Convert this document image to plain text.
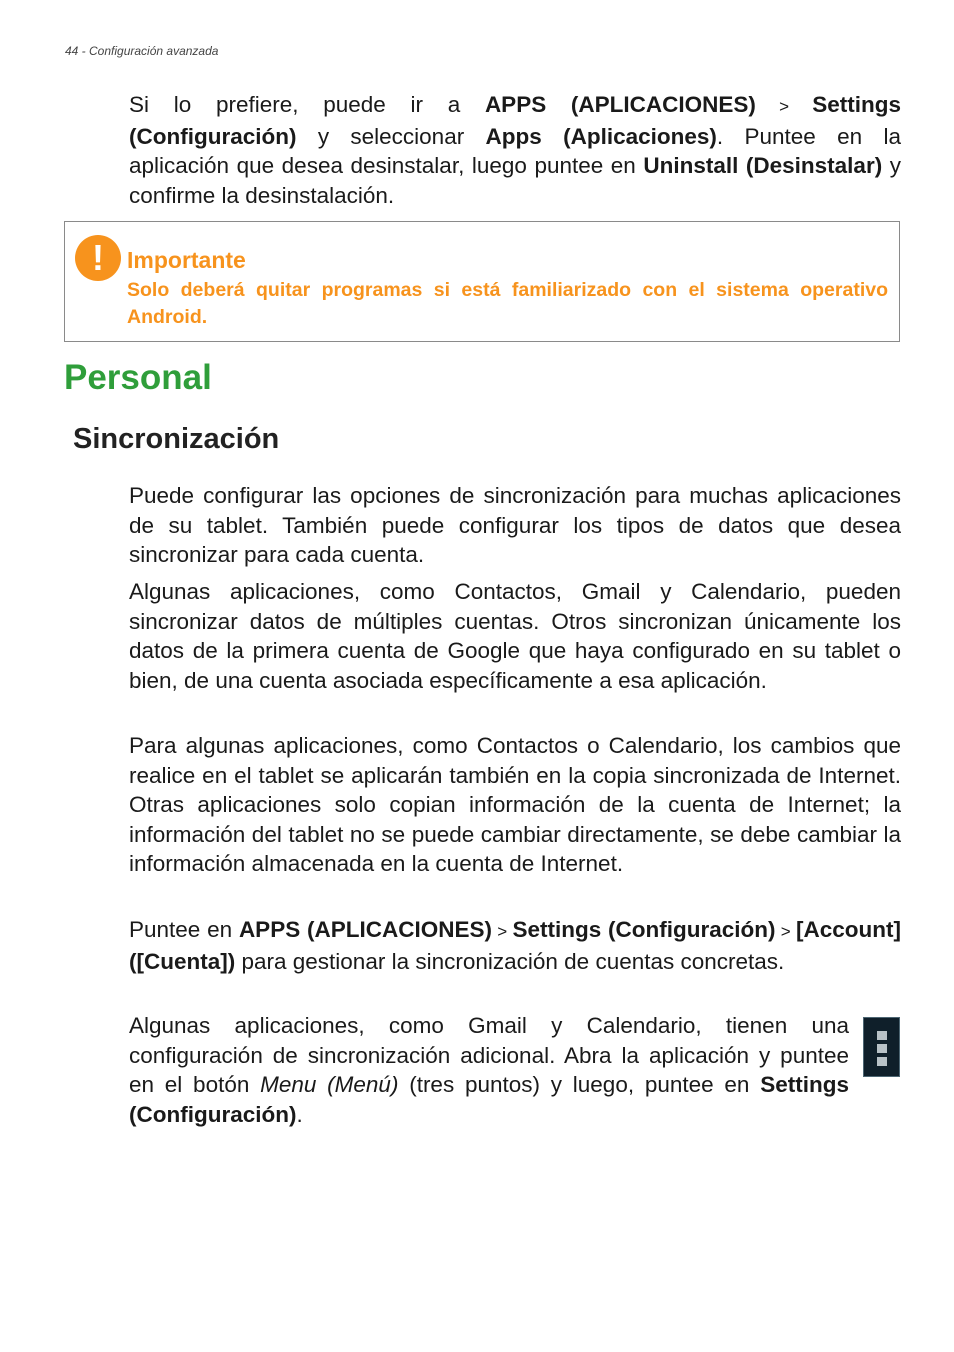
44 - Configuración avanzada
Si lo prefiere, puede ir a APPS (APLICACIONES) > Settings (Configuración) y seleccionar Apps (Aplicaciones). Puntee en la aplicación que desea desinstalar, luego puntee en Uninstall (Desinstalar) y confirme la desinstalación.
!	Importante
Solo deberá quitar programas si está familiarizado con el sistema operativo Android.
Personal
Sincronización
Puede configurar las opciones de sincronización para muchas aplicaciones de su tablet. También puede configurar los tipos de datos que desea sincronizar para cada cuenta.
Algunas aplicaciones, como Contactos, Gmail y Calendario, pueden sincronizar datos de múltiples cuentas. Otros sincronizan únicamente los datos de la primera cuenta de Google que haya configurado en su tablet o bien, de una cuenta asociada específicamente a esa aplicación.
Para algunas aplicaciones, como Contactos o Calendario, los cambios que realice en el tablet se aplicarán también en la copia sincronizada de Internet. Otras aplicaciones solo copian información de la cuenta de Internet; la información del tablet no se puede cambiar directamente, se debe cambiar la información almacenada en la cuenta de Internet.
Puntee en APPS (APLICACIONES) > Settings (Configuración) > [Account] ([Cuenta]) para gestionar la sincronización de cuentas concretas.
Algunas aplicaciones, como Gmail y Calendario, tienen una configuración de sincronización adicional. Abra la aplicación y puntee en el botón Menu (Menú) (tres puntos) y luego, puntee en Settings (Configuración).
